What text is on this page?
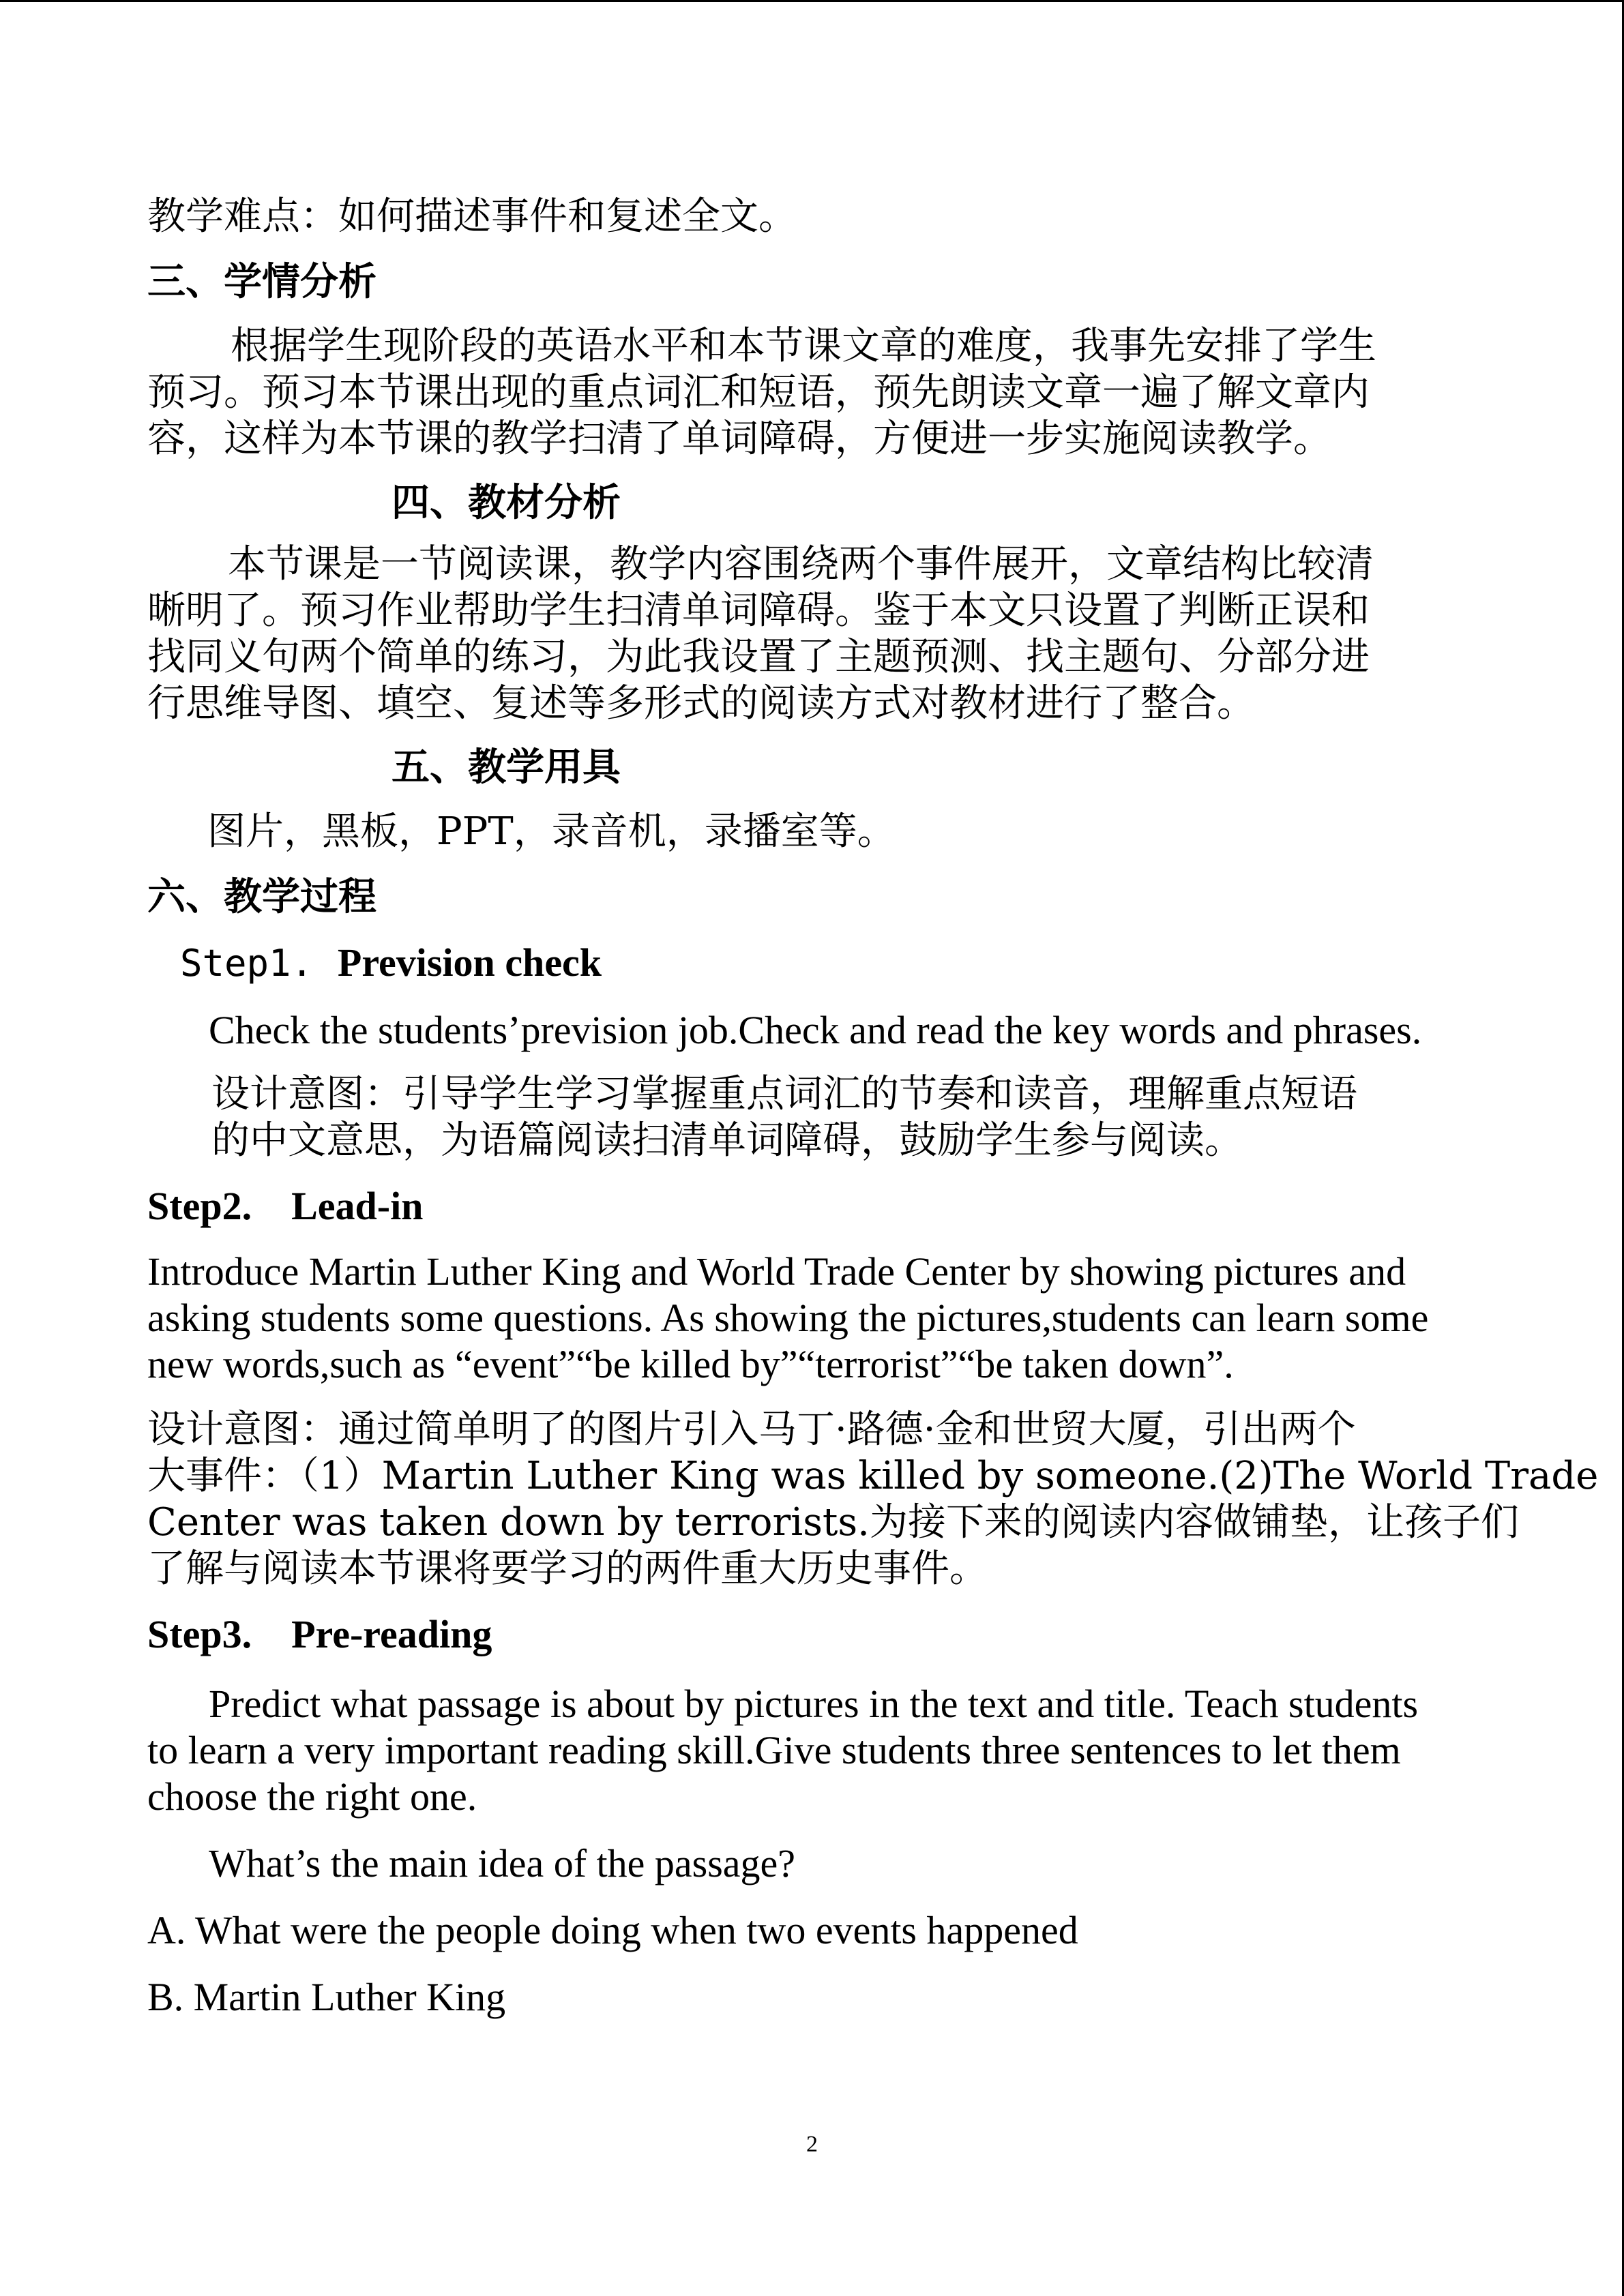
教学难点：如何描述事件和复述全文。

三、学情分析

根据学生现阶段的英语水平和本节课文章的难度，我事先安排了学生

预习。预习本节课出现的重点词汇和短语，预先朗读文章一遍了解文章内

容，这样为本节课的教学扫清了单词障碍，方便进一步实施阅读教学。

四、教材分析

本节课是一节阅读课，教学内容围绕两个事件展开，文章结构比较清

晰明了。预习作业帮助学生扫清单词障碍。鉴于本文只设置了判断正误和

找同义句两个简单的练习，为此我设置了主题预测、找主题句、分部分进

行思维导图、填空、复述等多形式的阅读方式对教材进行了整合。

五、教学用具

图片，黑板，PPT，录音机，录播室等。

六、教学过程

Step1. Prevision check

Check the students’prevision job.Check and read the key words and phrases.

设计意图：引导学生学习掌握重点词汇的节奏和读音，理解重点短语

的中文意思，为语篇阅读扫清单词障碍，鼓励学生参与阅读。

Step2.    Lead-in

Introduce Martin Luther King and World Trade Center by showing pictures and

asking students some questions. As showing the pictures,students can learn some

new words,such as “event”“be killed by”“terrorist”“be taken down”.

设计意图：通过简单明了的图片引入马丁·路德·金和世贸大厦，引出两个

大事件：（1）Martin Luther King was killed by someone.(2)The World Trade

Center was taken down by terrorists.为接下来的阅读内容做铺垫，让孩子们

了解与阅读本节课将要学习的两件重大历史事件。

Step3.    Pre-reading

Predict what passage is about by pictures in the text and title. Teach students

to learn a very important reading skill.Give students three sentences to let them

choose the right one.

What’s the main idea of the passage?

A. What were the people doing when two events happened

B. Martin Luther King

2
